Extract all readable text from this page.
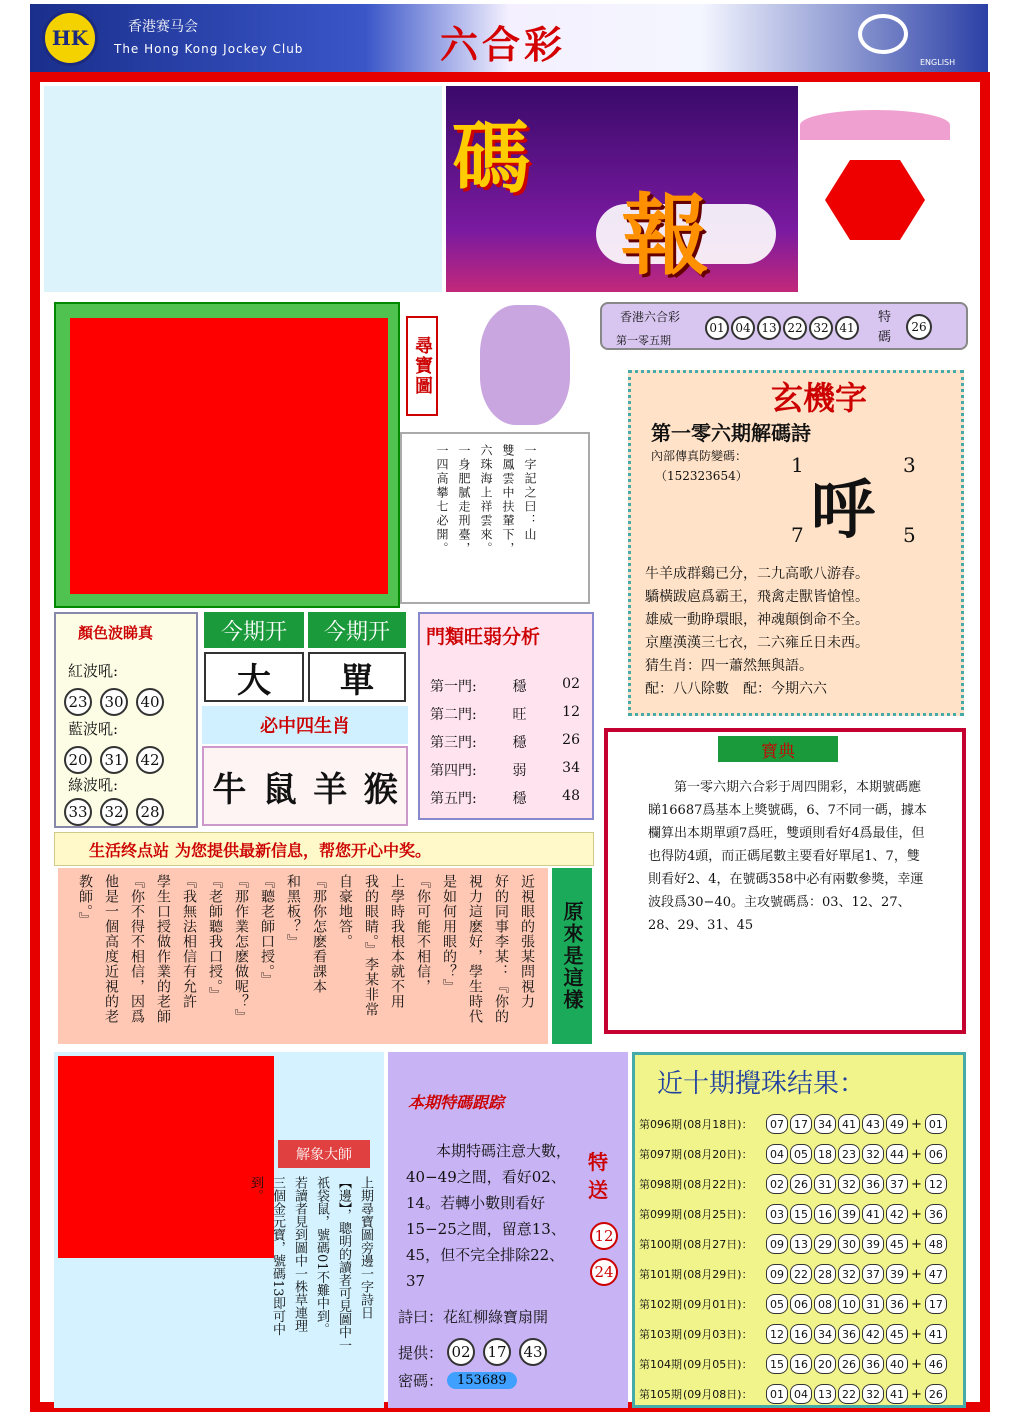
HK	香港赛马会
The Hong Kong Jockey Club	六合彩	ENGLISH
碼
報
尋寶圖
一字記之曰：山
雙鳳雲中扶輦下，
六珠海上祥雲來。
一身肥膩走刑臺，
一四高攀七必開。
香港六合彩
第一零五期
01 04 13 22 32 41
特碼
26
玄機字
第一零六期解碼詩
內部傳真防變碼：
（152323654） 1	3
7	5
呼
牛羊成群鷄已分，二九高歌八游春。
驕橫跋扈爲霸王，飛禽走獸皆愴惶。
雄威一動睁環眼，神魂顛倒命不全。
京塵漢漢三七衣，二六雍丘日未西。
猜生肖：四一蕭然無與語。
配：八八除數　配：今期六六
顏色波睇真
紅波吼:
23 30 40
藍波吼:
20 31 42
綠波吼:
33 32 28
今期开	今期开
大	單
必中四生肖
牛 鼠 羊 猴
門類旺弱分析
第一門:	穩	02
第二門:	旺	12
第三門:	穩	26
第四門:	弱	34
第五門:	穩	48
寶典
第一零六期六合彩于周四開彩，本期號碼應睇16687爲基本上獎號碼，6、7不同一碼，據本欄算出本期單頭7爲旺，雙頭則看好4爲最佳，但也得防4頭，而正碼尾數主要看好單尾1、7，雙則看好2、4，在號碼358中必有兩數參獎，幸運波段爲30−40。主攻號碼爲：03、12、27、28、29、31、45
生活终点站 为您提供最新信息，帮您开心中奖。
近視眼的張某問視力
好的同事李某：『你的
視力這麽好，學生時代
是如何用眼的？』
『你可能不相信，
上學時我根本就不用
我的眼睛。』李某非常
自豪地答。
『那你怎麽看課本
和黑板？』
『聽老師口授。』
『那作業怎麽做呢？』
『老師聽我口授。』
『我無法相信有允許
學生口授做作業的老師
『你不得不相信，因爲
他是一個高度近視的老
教師。』
原來是這樣
解象大師
上期尋寶圖旁邊一字詩日
【邊】，聰明的讀者可見圖中一
祇袋鼠，號碼01不難中到。
若讀者見到圖中一株草連理
三個金元寶，號碼13即可中
到。
本期特碼跟踪
本期特碼注意大數，40−49之間，看好02、14。若轉小數則看好15−25之間，留意13、45，但不完全排除22、37
特送
12
24
詩曰：花紅柳綠寶扇開
提供： 02 17 43
密碼：	153689
近十期攪珠结果：
第096期 (08月18日)：	07 17 34 41 43 49 + 01
第097期 (08月20日)：	04 05 18 23 32 44 + 06
第098期 (08月22日)：	02 26 31 32 36 37 + 12
第099期 (08月25日)：	03 15 16 39 41 42 + 36
第100期 (08月27日)：	09 13 29 30 39 45 + 48
第101期 (08月29日)：	09 22 28 32 37 39 + 47
第102期 (09月01日)：	05 06 08 10 31 36 + 17
第103期 (09月03日)：	12 16 34 36 42 45 + 41
第104期 (09月05日)：	15 16 20 26 36 40 + 46
第105期 (09月08日)：	01 04 13 22 32 41 + 26
